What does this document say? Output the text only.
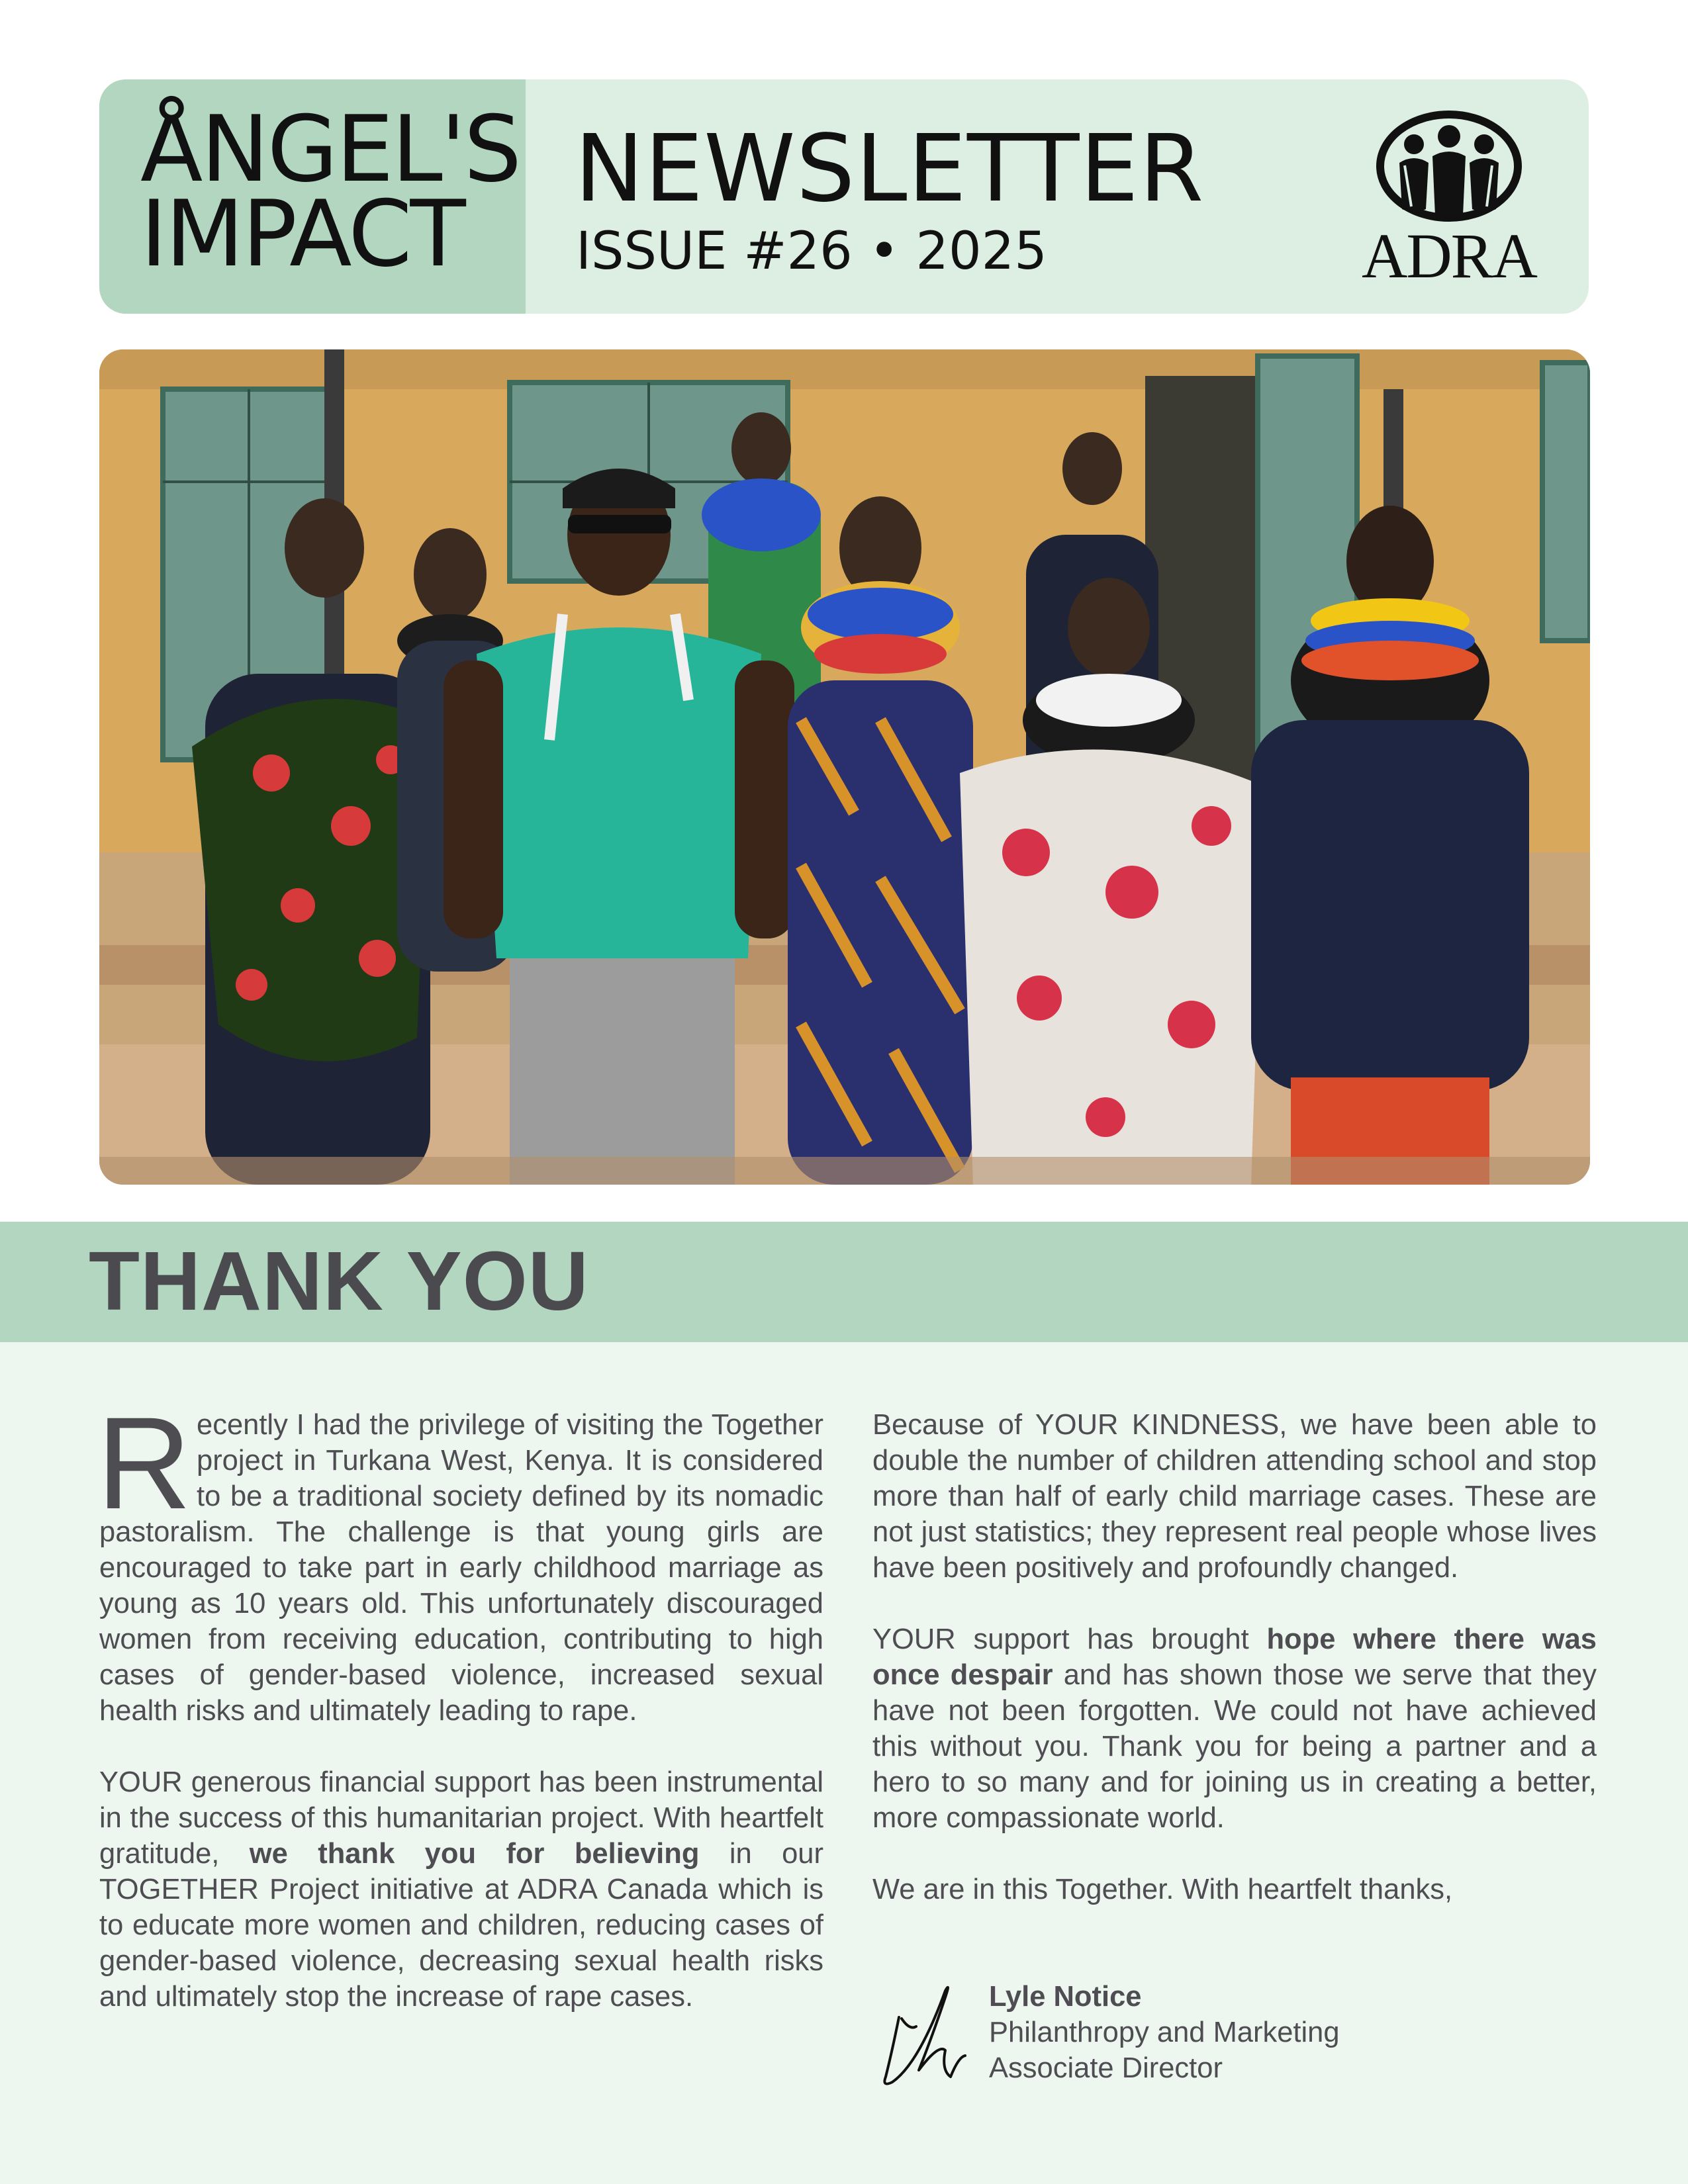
ÅNGEL'S
IMPACT
NEWSLETTER
ISSUE #26 • 2025	ADRA
THANK YOU

Recently I had the privilege of visiting the Together project in Turkana West, Kenya. It is considered to be a traditional society defined by its nomadic pastoralism. The challenge is that young girls are encouraged to take part in early childhood marriage as young as 10 years old. This unfortunately discouraged women from receiving education, contributing to high cases of gender-based violence, increased sexual health risks and ultimately leading to rape.

YOUR generous financial support has been instrumental in the success of this humanitarian project. With heartfelt gratitude, we thank you for believing in our TOGETHER Project initiative at ADRA Canada which is to educate more women and children, reducing cases of gender-based violence, decreasing sexual health risks and ultimately stop the increase of rape cases.

Because of YOUR KINDNESS, we have been able to double the number of children attending school and stop more than half of early child marriage cases. These are not just statistics; they represent real people whose lives have been positively and profoundly changed.

YOUR support has brought hope where there was once despair and has shown those we serve that they have not been forgotten. We could not have achieved this without you. Thank you for being a partner and a hero to so many and for joining us in creating a better, more compassionate world.

We are in this Together. With heartfelt thanks,

Lyle Notice
Philanthropy and Marketing
Associate Director
